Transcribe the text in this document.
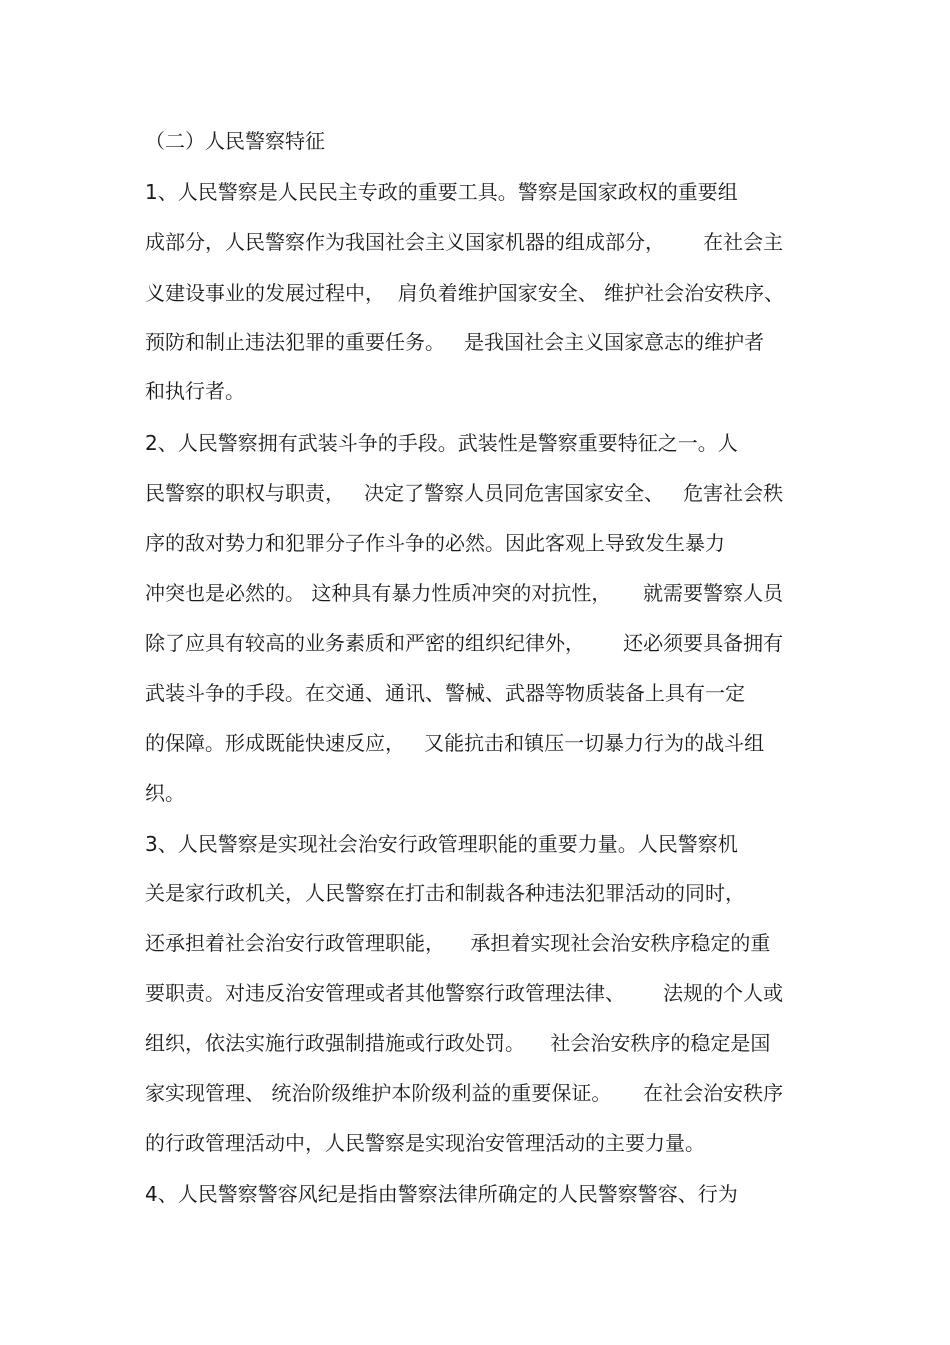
（二）人民警察特征
1、人民警察是人民民主专政的重要工具。警察是国家政权的重要组
成部分，人民警察作为我国社会主义国家机器的组成部分，      在社会主
义建设事业的发展过程中，  肩负着维护国家安全、 维护社会治安秩序、
预防和制止违法犯罪的重要任务。   是我国社会主义国家意志的维护者
和执行者。
2、人民警察拥有武装斗争的手段。武装性是警察重要特征之一。人
民警察的职权与职责，   决定了警察人员同危害国家安全、   危害社会秩
序的敌对势力和犯罪分子作斗争的必然。因此客观上导致发生暴力
冲突也是必然的。 这种具有暴力性质冲突的对抗性，     就需要警察人员
除了应具有较高的业务素质和严密的组织纪律外，      还必须要具备拥有
武装斗争的手段。在交通、通讯、警械、武器等物质装备上具有一定
的保障。形成既能快速反应，   又能抗击和镇压一切暴力行为的战斗组
织。
3、人民警察是实现社会治安行政管理职能的重要力量。人民警察机
关是家行政机关，人民警察在打击和制裁各种违法犯罪活动的同时，
还承担着社会治安行政管理职能，    承担着实现社会治安秩序稳定的重
要职责。对违反治安管理或者其他警察行政管理法律、      法规的个人或
组织，依法实施行政强制措施或行政处罚。    社会治安秩序的稳定是国
家实现管理、 统治阶级维护本阶级利益的重要保证。     在社会治安秩序
的行政管理活动中，人民警察是实现治安管理活动的主要力量。
4、人民警察警容风纪是指由警察法律所确定的人民警察警容、行为
